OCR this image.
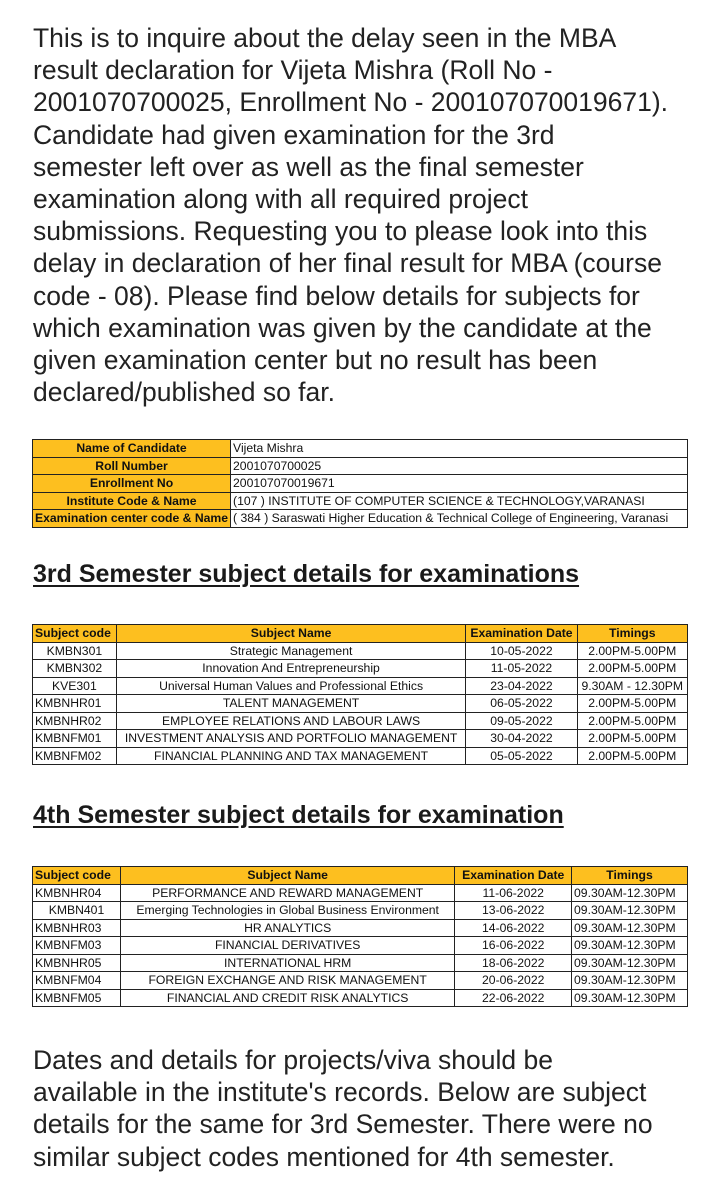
This is to inquire about the delay seen in the MBA
result declaration for Vijeta Mishra (Roll No -
2001070700025, Enrollment No - 200107070019671).
Candidate had given examination for the 3rd
semester left over as well as the final semester
examination along with all required project
submissions. Requesting you to please look into this
delay in declaration of her final result for MBA (course
code - 08). Please find below details for subjects for
which examination was given by the candidate at the
given examination center but no result has been
declared/published so far.
Name of Candidate	Vijeta Mishra
Roll Number	2001070700025
Enrollment No	200107070019671
Institute Code & Name	(107 ) INSTITUTE OF COMPUTER SCIENCE & TECHNOLOGY,VARANASI
Examination center code & Name	( 384 ) Saraswati Higher Education & Technical College of Engineering, Varanasi
3rd Semester subject details for examinations
Subject code	Subject Name	Examination Date	Timings
KMBN301	Strategic Management	10-05-2022	2.00PM-5.00PM
KMBN302	Innovation And Entrepreneurship	11-05-2022	2.00PM-5.00PM
KVE301	Universal Human Values and Professional Ethics	23-04-2022	9.30AM - 12.30PM
KMBNHR01	TALENT MANAGEMENT	06-05-2022	2.00PM-5.00PM
KMBNHR02	EMPLOYEE RELATIONS AND LABOUR LAWS	09-05-2022	2.00PM-5.00PM
KMBNFM01	INVESTMENT ANALYSIS AND PORTFOLIO MANAGEMENT	30-04-2022	2.00PM-5.00PM
KMBNFM02	FINANCIAL PLANNING AND TAX MANAGEMENT	05-05-2022	2.00PM-5.00PM
4th Semester subject details for examination
Subject code	Subject Name	Examination Date	Timings
KMBNHR04	PERFORMANCE AND REWARD MANAGEMENT	11-06-2022	09.30AM-12.30PM
KMBN401	Emerging Technologies in Global Business Environment	13-06-2022	09.30AM-12.30PM
KMBNHR03	HR ANALYTICS	14-06-2022	09.30AM-12.30PM
KMBNFM03	FINANCIAL DERIVATIVES	16-06-2022	09.30AM-12.30PM
KMBNHR05	INTERNATIONAL HRM	18-06-2022	09.30AM-12.30PM
KMBNFM04	FOREIGN EXCHANGE AND RISK MANAGEMENT	20-06-2022	09.30AM-12.30PM
KMBNFM05	FINANCIAL AND CREDIT RISK ANALYTICS	22-06-2022	09.30AM-12.30PM
Dates and details for projects/viva should be
available in the institute's records. Below are subject
details for the same for 3rd Semester. There were no
similar subject codes mentioned for 4th semester.
